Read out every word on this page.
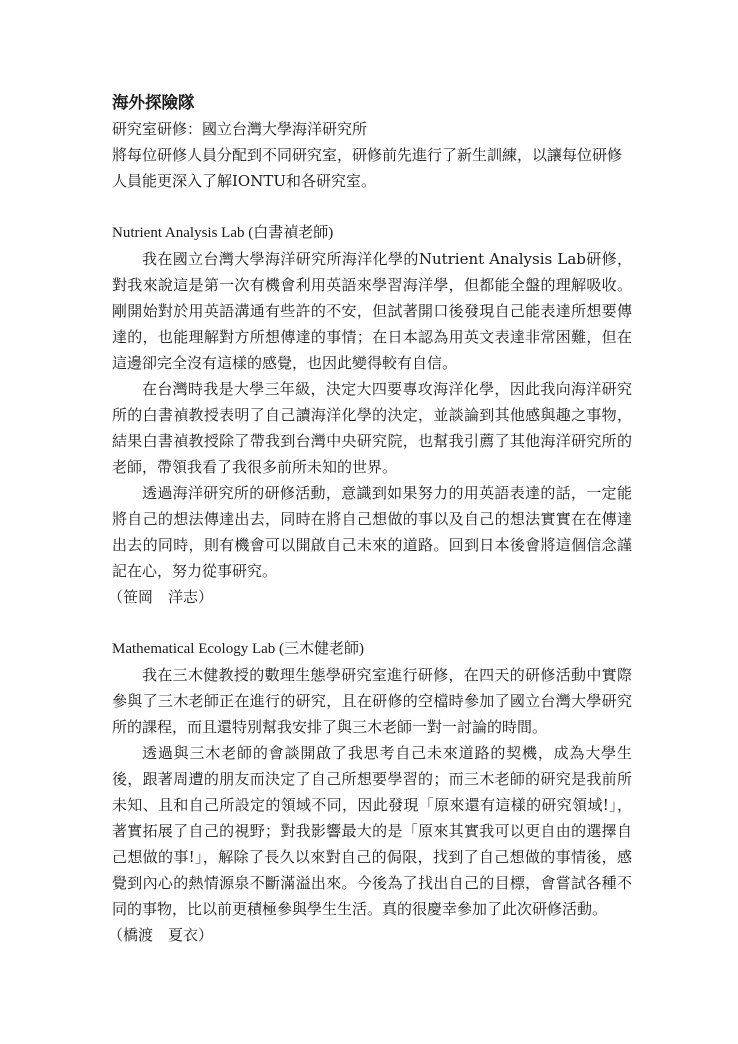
海外探險隊

研究室研修：國立台灣大學海洋研究所

將每位研修人員分配到不同研究室，研修前先進行了新生訓練，以讓每位研修人員能更深入了解IONTU和各研究室。

Nutrient Analysis Lab (白書禎老師)

我在國立台灣大學海洋研究所海洋化學的Nutrient Analysis Lab研修，對我來說這是第一次有機會利用英語來學習海洋學，但都能全盤的理解吸收。剛開始對於用英語溝通有些許的不安，但試著開口後發現自己能表達所想要傳達的，也能理解對方所想傳達的事情；在日本認為用英文表達非常困難，但在這邊卻完全沒有這樣的感覺，也因此變得較有自信。

在台灣時我是大學三年級，決定大四要專攻海洋化學，因此我向海洋研究所的白書禎教授表明了自己讀海洋化學的決定，並談論到其他感與趣之事物，結果白書禎教授除了帶我到台灣中央研究院，也幫我引薦了其他海洋研究所的老師，帶領我看了我很多前所未知的世界。

透過海洋研究所的研修活動，意識到如果努力的用英語表達的話，一定能將自己的想法傳達出去，同時在將自己想做的事以及自己的想法實實在在傳達出去的同時，則有機會可以開啟自己未來的道路。回到日本後會將這個信念謹記在心，努力從事研究。

（笹岡　洋志）

Mathematical Ecology Lab (三木健老師)

我在三木健教授的數理生態學研究室進行研修，在四天的研修活動中實際參與了三木老師正在進行的研究，且在研修的空檔時參加了國立台灣大學研究所的課程，而且還特別幫我安排了與三木老師一對一討論的時間。

透過與三木老師的會談開啟了我思考自己未來道路的契機，成為大學生後，跟著周遭的朋友而決定了自己所想要學習的；而三木老師的研究是我前所未知、且和自己所設定的領域不同，因此發現「原來還有這樣的研究領域!」，著實拓展了自己的視野；對我影響最大的是「原來其實我可以更自由的選擇自己想做的事!」，解除了長久以來對自己的侷限，找到了自己想做的事情後，感覺到內心的熱情源泉不斷滿溢出來。今後為了找出自己的目標，會嘗試各種不同的事物，比以前更積極參與學生生活。真的很慶幸參加了此次研修活動。

（橋渡　夏衣）
